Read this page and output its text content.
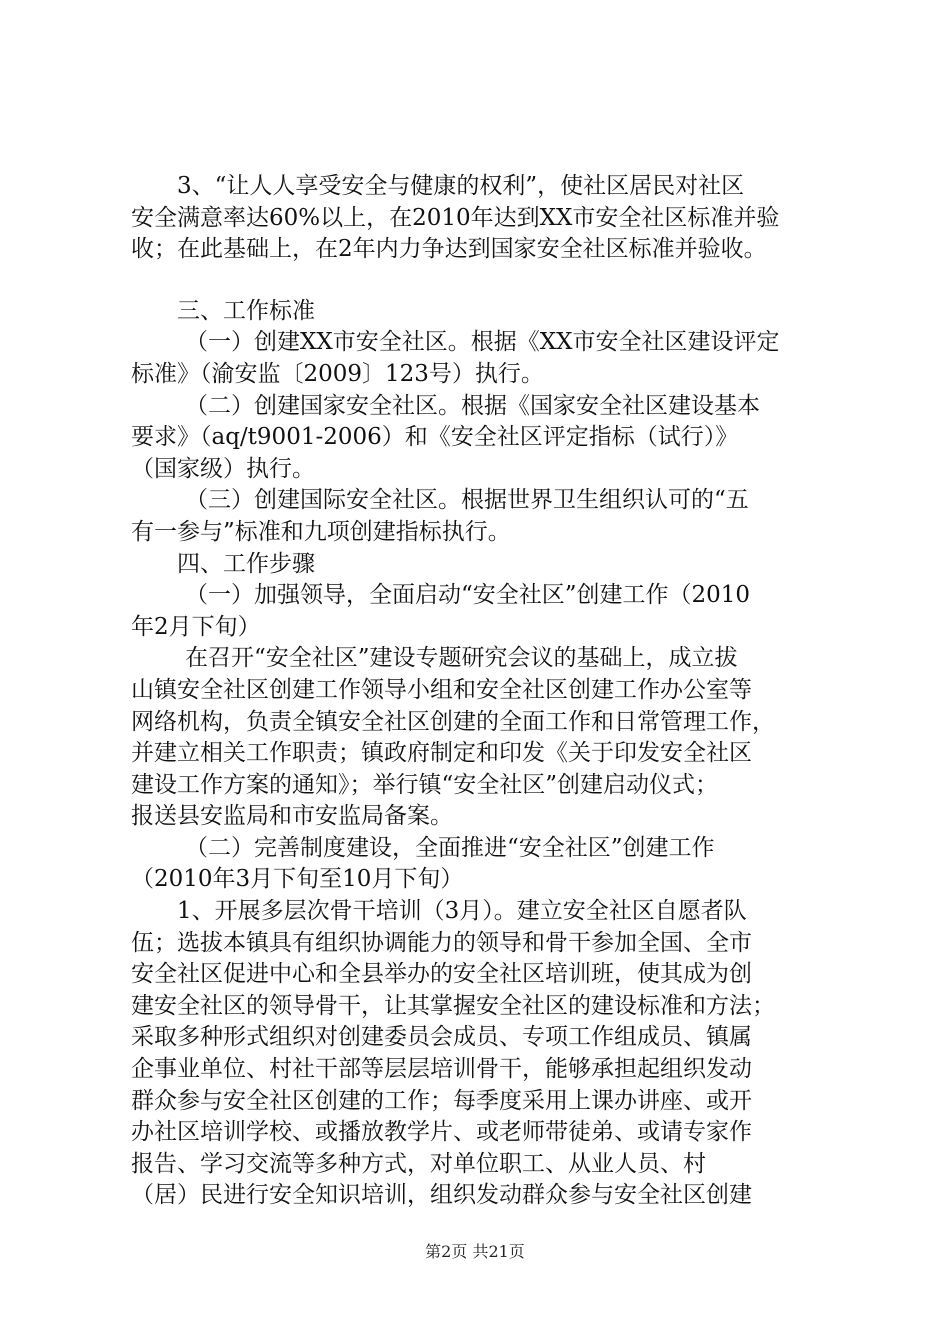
3、“让人人享受安全与健康的权利”，使社区居民对社区
安全满意率达60%以上，在2010年达到XX市安全社区标准并验
收；在此基础上，在2年内力争达到国家安全社区标准并验收。
三、工作标准
（一）创建XX市安全社区。根据《XX市安全社区建设评定
标准》（渝安监〔2009〕123号）执行。
（二）创建国家安全社区。根据《国家安全社区建设基本
要求》（aq/t9001-2006）和《安全社区评定指标（试行）》
（国家级）执行。
（三）创建国际安全社区。根据世界卫生组织认可的“五
有一参与”标准和九项创建指标执行。
四、工作步骤
（一）加强领导，全面启动“安全社区”创建工作（2010
年2月下旬）
在召开“安全社区”建设专题研究会议的基础上，成立拔
山镇安全社区创建工作领导小组和安全社区创建工作办公室等
网络机构，负责全镇安全社区创建的全面工作和日常管理工作，
并建立相关工作职责；镇政府制定和印发《关于印发安全社区
建设工作方案的通知》；举行镇“安全社区”创建启动仪式；
报送县安监局和市安监局备案。
（二）完善制度建设，全面推进“安全社区”创建工作
（2010年3月下旬至10月下旬）
1、开展多层次骨干培训（3月）。建立安全社区自愿者队
伍；选拔本镇具有组织协调能力的领导和骨干参加全国、全市
安全社区促进中心和全县举办的安全社区培训班，使其成为创
建安全社区的领导骨干，让其掌握安全社区的建设标准和方法；
采取多种形式组织对创建委员会成员、专项工作组成员、镇属
企事业单位、村社干部等层层培训骨干，能够承担起组织发动
群众参与安全社区创建的工作；每季度采用上课办讲座、或开
办社区培训学校、或播放教学片、或老师带徒弟、或请专家作
报告、学习交流等多种方式，对单位职工、从业人员、村
（居）民进行安全知识培训，组织发动群众参与安全社区创建
第2页 共21页
